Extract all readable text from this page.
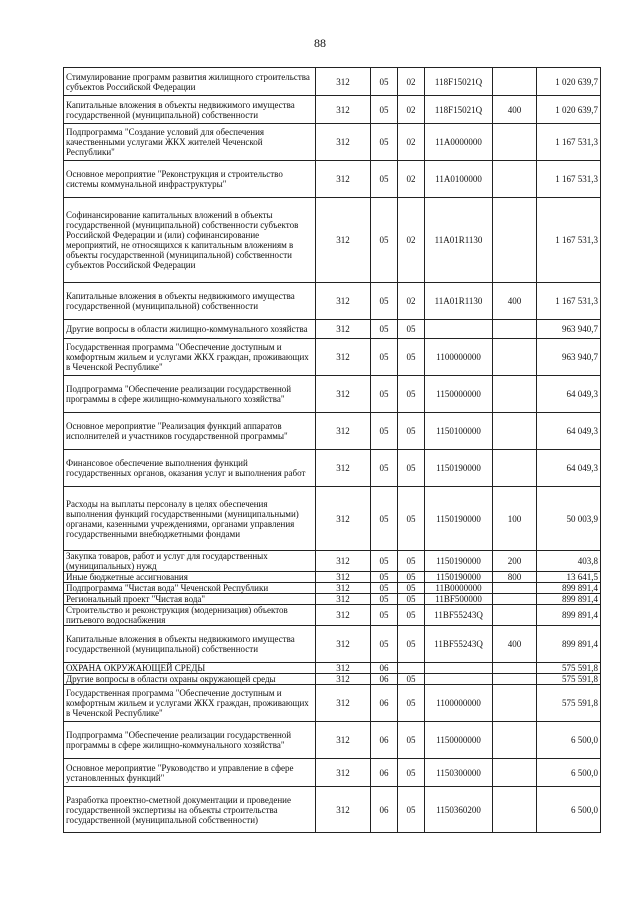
88
Стимулирование программ развития жилищного строительства субъектов Российской Федерации	312	05	02	118F15021Q		1 020 639,7
Капитальные вложения в объекты недвижимого имущества государственной (муниципальной) собственности	312	05	02	118F15021Q	400	1 020 639,7
Подпрограмма "Создание условий для обеспечения качественными услугами ЖКХ жителей Чеченской Республики"	312	05	02	11А0000000		1 167 531,3
Основное мероприятие "Реконструкция и строительство системы коммунальной инфраструктуры"	312	05	02	11А0100000		1 167 531,3
Софинансирование капитальных вложений в объекты государственной (муниципальной) собственности субъектов Российской Федерации и (или) софинансирование мероприятий, не относящихся к капитальным вложениям в объекты государственной (муниципальной) собственности субъектов Российской Федерации	312	05	02	11А01R1130		1 167 531,3
Капитальные вложения в объекты недвижимого имущества государственной (муниципальной) собственности	312	05	02	11А01R1130	400	1 167 531,3
Другие вопросы в области жилищно-коммунального хозяйства	312	05	05			963 940,7
Государственная программа "Обеспечение доступным и комфортным жильем и услугами ЖКХ граждан, проживающих в Чеченской Республике"	312	05	05	1100000000		963 940,7
Подпрограмма "Обеспечение реализации государственной программы в сфере жилищно-коммунального хозяйства"	312	05	05	1150000000		64 049,3
Основное мероприятие "Реализация функций аппаратов исполнителей и участников государственной программы"	312	05	05	1150100000		64 049,3
Финансовое обеспечение выполнения функций государственных органов, оказания услуг и выполнения работ	312	05	05	1150190000		64 049,3
Расходы на выплаты персоналу в целях обеспечения выполнения функций государственными (муниципальными) органами, казенными учреждениями, органами управления государственными внебюджетными фондами	312	05	05	1150190000	100	50 003,9
Закупка товаров, работ и услуг для государственных (муниципальных) нужд	312	05	05	1150190000	200	403,8
Иные бюджетные ассигнования	312	05	05	1150190000	800	13 641,5
Подпрограмма "Чистая вода" Чеченской Республики	312	05	05	11В0000000		899 891,4
Региональный проект "Чистая вода"	312	05	05	11ВF500000		899 891,4
Строительство и реконструкция (модернизация) объектов питьевого водоснабжения	312	05	05	11ВF55243Q		899 891,4
Капитальные вложения в объекты недвижимого имущества государственной (муниципальной) собственности	312	05	05	11ВF55243Q	400	899 891,4
ОХРАНА ОКРУЖАЮЩЕЙ СРЕДЫ	312	06				575 591,8
Другие вопросы в области охраны окружающей среды	312	06	05			575 591,8
Государственная программа "Обеспечение доступным и комфортным жильем и услугами ЖКХ граждан, проживающих в Чеченской Республике"	312	06	05	1100000000		575 591,8
Подпрограмма "Обеспечение реализации государственной программы в сфере жилищно-коммунального хозяйства"	312	06	05	1150000000		6 500,0
Основное мероприятие "Руководство и управление в сфере установленных функций"	312	06	05	1150300000		6 500,0
Разработка проектно-сметной документации и проведение государственной экспертизы на объекты строительства государственной (муниципальной собственности)	312	06	05	1150360200		6 500,0
